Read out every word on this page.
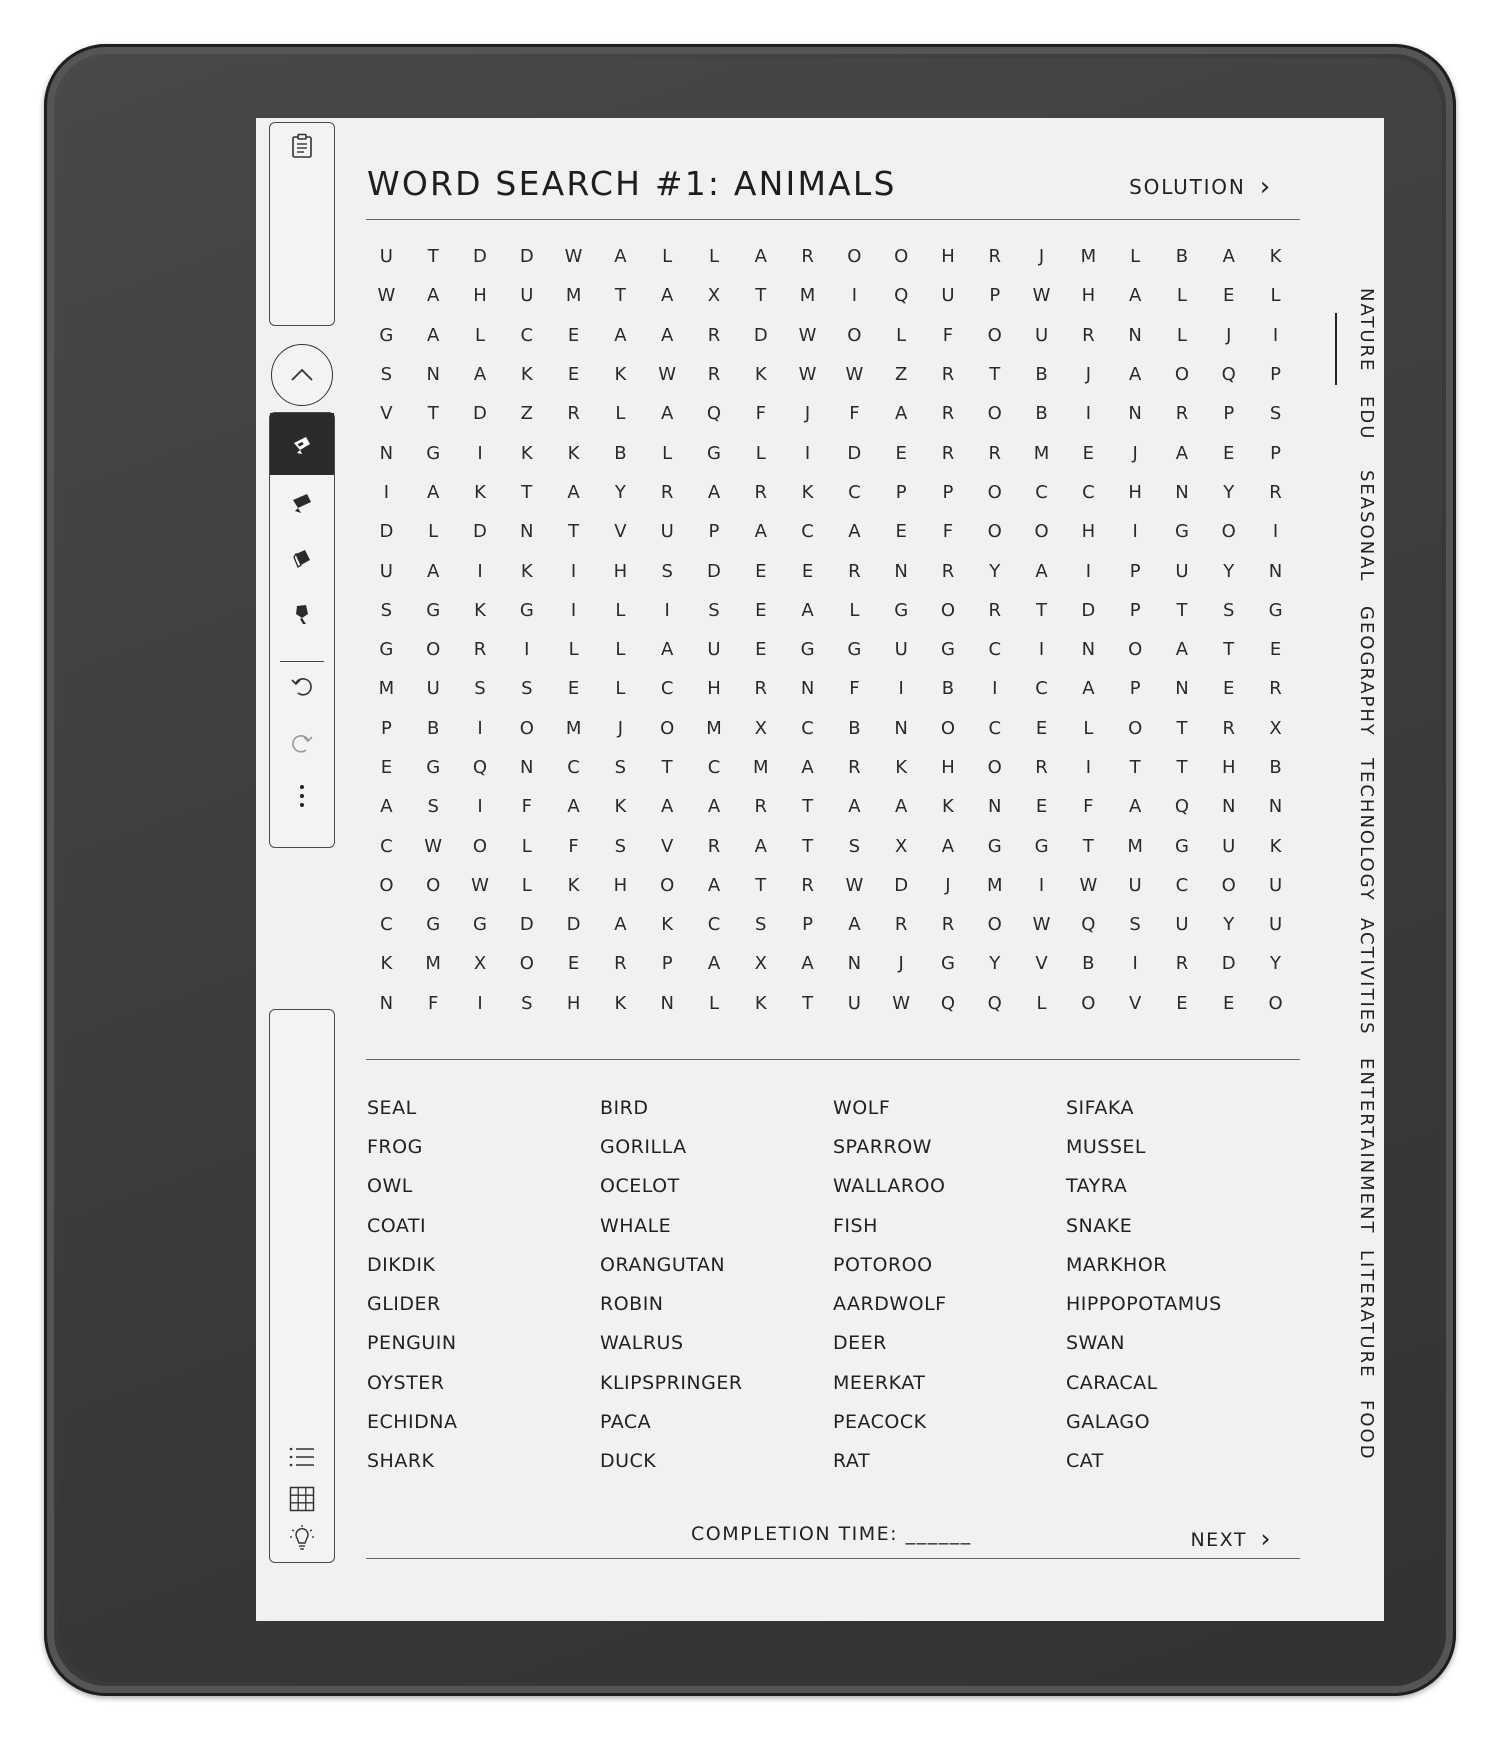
WORD SEARCH #1: ANIMALS	SOLUTION ›
U	T	D	D	W	A	L	L	A	R	O	O	H	R	J	M	L	B	A	K
W	A	H	U	M	T	A	X	T	M	I	Q	U	P	W	H	A	L	E	L
G	A	L	C	E	A	A	R	D	W	O	L	F	O	U	R	N	L	J	I
S	N	A	K	E	K	W	R	K	W	W	Z	R	T	B	J	A	O	Q	P
V	T	D	Z	R	L	A	Q	F	J	F	A	R	O	B	I	N	R	P	S
N	G	I	K	K	B	L	G	L	I	D	E	R	R	M	E	J	A	E	P
I	A	K	T	A	Y	R	A	R	K	C	P	P	O	C	C	H	N	Y	R
D	L	D	N	T	V	U	P	A	C	A	E	F	O	O	H	I	G	O	I
U	A	I	K	I	H	S	D	E	E	R	N	R	Y	A	I	P	U	Y	N
S	G	K	G	I	L	I	S	E	A	L	G	O	R	T	D	P	T	S	G
G	O	R	I	L	L	A	U	E	G	G	U	G	C	I	N	O	A	T	E
M	U	S	S	E	L	C	H	R	N	F	I	B	I	C	A	P	N	E	R
P	B	I	O	M	J	O	M	X	C	B	N	O	C	E	L	O	T	R	X
E	G	Q	N	C	S	T	C	M	A	R	K	H	O	R	I	T	T	H	B
A	S	I	F	A	K	A	A	R	T	A	A	K	N	E	F	A	Q	N	N
C	W	O	L	F	S	V	R	A	T	S	X	A	G	G	T	M	G	U	K
O	O	W	L	K	H	O	A	T	R	W	D	J	M	I	W	U	C	O	U
C	G	G	D	D	A	K	C	S	P	A	R	R	O	W	Q	S	U	Y	U
K	M	X	O	E	R	P	A	X	A	N	J	G	Y	V	B	I	R	D	Y
N	F	I	S	H	K	N	L	K	T	U	W	Q	Q	L	O	V	E	E	O
SEAL	BIRD	WOLF	SIFAKA
FROG	GORILLA	SPARROW	MUSSEL
OWL	OCELOT	WALLAROO	TAYRA
COATI	WHALE	FISH	SNAKE
DIKDIK	ORANGUTAN	POTOROO	MARKHOR
GLIDER	ROBIN	AARDWOLF	HIPPOPOTAMUS
PENGUIN	WALRUS	DEER	SWAN
OYSTER	KLIPSPRINGER	MEERKAT	CARACAL
ECHIDNA	PACA	PEACOCK	GALAGO
SHARK	DUCK	RAT	CAT
COMPLETION TIME: ______	NEXT ›
NATURE
EDU
SEASONAL
GEOGRAPHY
TECHNOLOGY
ACTIVITIES
ENTERTAINMENT
LITERATURE
FOOD
